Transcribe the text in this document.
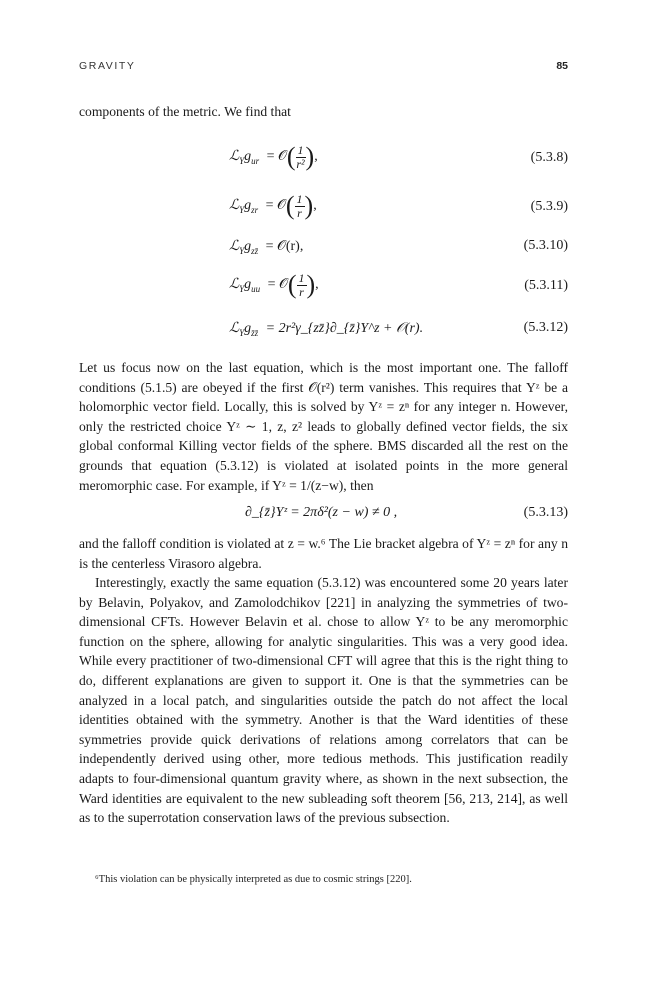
GRAVITY	85
components of the metric. We find that
$ℒ_Yg_{ur}$ = 𝒪( $\frac{1}{\text{r²}}$ ),	(5.3.8)
$ℒ_Yg_{zr}$ = 𝒪( $\frac{1}{r}$ ),	(5.3.9)
$ℒ_Yg_{zz̄}$ = 𝒪(r),	(5.3.10)
$ℒ_Yg_{uu}$ = 𝒪( $\frac{1}{r}$ ),	(5.3.11)
$ℒ_Yg_{z̄z̄}$ = 2r²γ_{zz̄}∂_{z̄}Y^z + 𝒪(r).	(5.3.12)
Let us focus now on the last equation, which is the most important one. The falloff conditions (5.1.5) are obeyed if the first 𝒪(r²) term vanishes. This requires that Yᶻ be a holomorphic vector field. Locally, this is solved by Yᶻ = zⁿ for any integer n. However, only the restricted choice Yᶻ ∼ 1, z, z² leads to globally defined vector fields, the six global conformal Killing vector fields of the sphere. BMS discarded all the rest on the grounds that equation (5.3.12) is violated at isolated points in the more general meromorphic case. For example, if Yᶻ = 1/(z−w), then
∂_{z̄}Yᶻ = 2πδ²(z − w) ≠ 0 ,	(5.3.13)
and the falloff condition is violated at z = w.⁶ The Lie bracket algebra of Yᶻ = zⁿ for any n is the centerless Virasoro algebra.
Interestingly, exactly the same equation (5.3.12) was encountered some 20 years later by Belavin, Polyakov, and Zamolodchikov [221] in analyzing the symmetries of two-dimensional CFTs. However Belavin et al. chose to allow Yᶻ to be any meromorphic function on the sphere, allowing for analytic singularities. This was a very good idea. While every practitioner of two-dimensional CFT will agree that this is the right thing to do, different explanations are given to support it. One is that the symmetries can be analyzed in a local patch, and singularities outside the patch do not affect the local identities obtained with the symmetry. Another is that the Ward identities of these symmetries provide quick derivations of relations among correlators that can be independently derived using other, more tedious methods. This justification readily adapts to four-dimensional quantum gravity where, as shown in the next subsection, the Ward identities are equivalent to the new subleading soft theorem [56, 213, 214], as well as to the superrotation conservation laws of the previous subsection.
⁶This violation can be physically interpreted as due to cosmic strings [220].
